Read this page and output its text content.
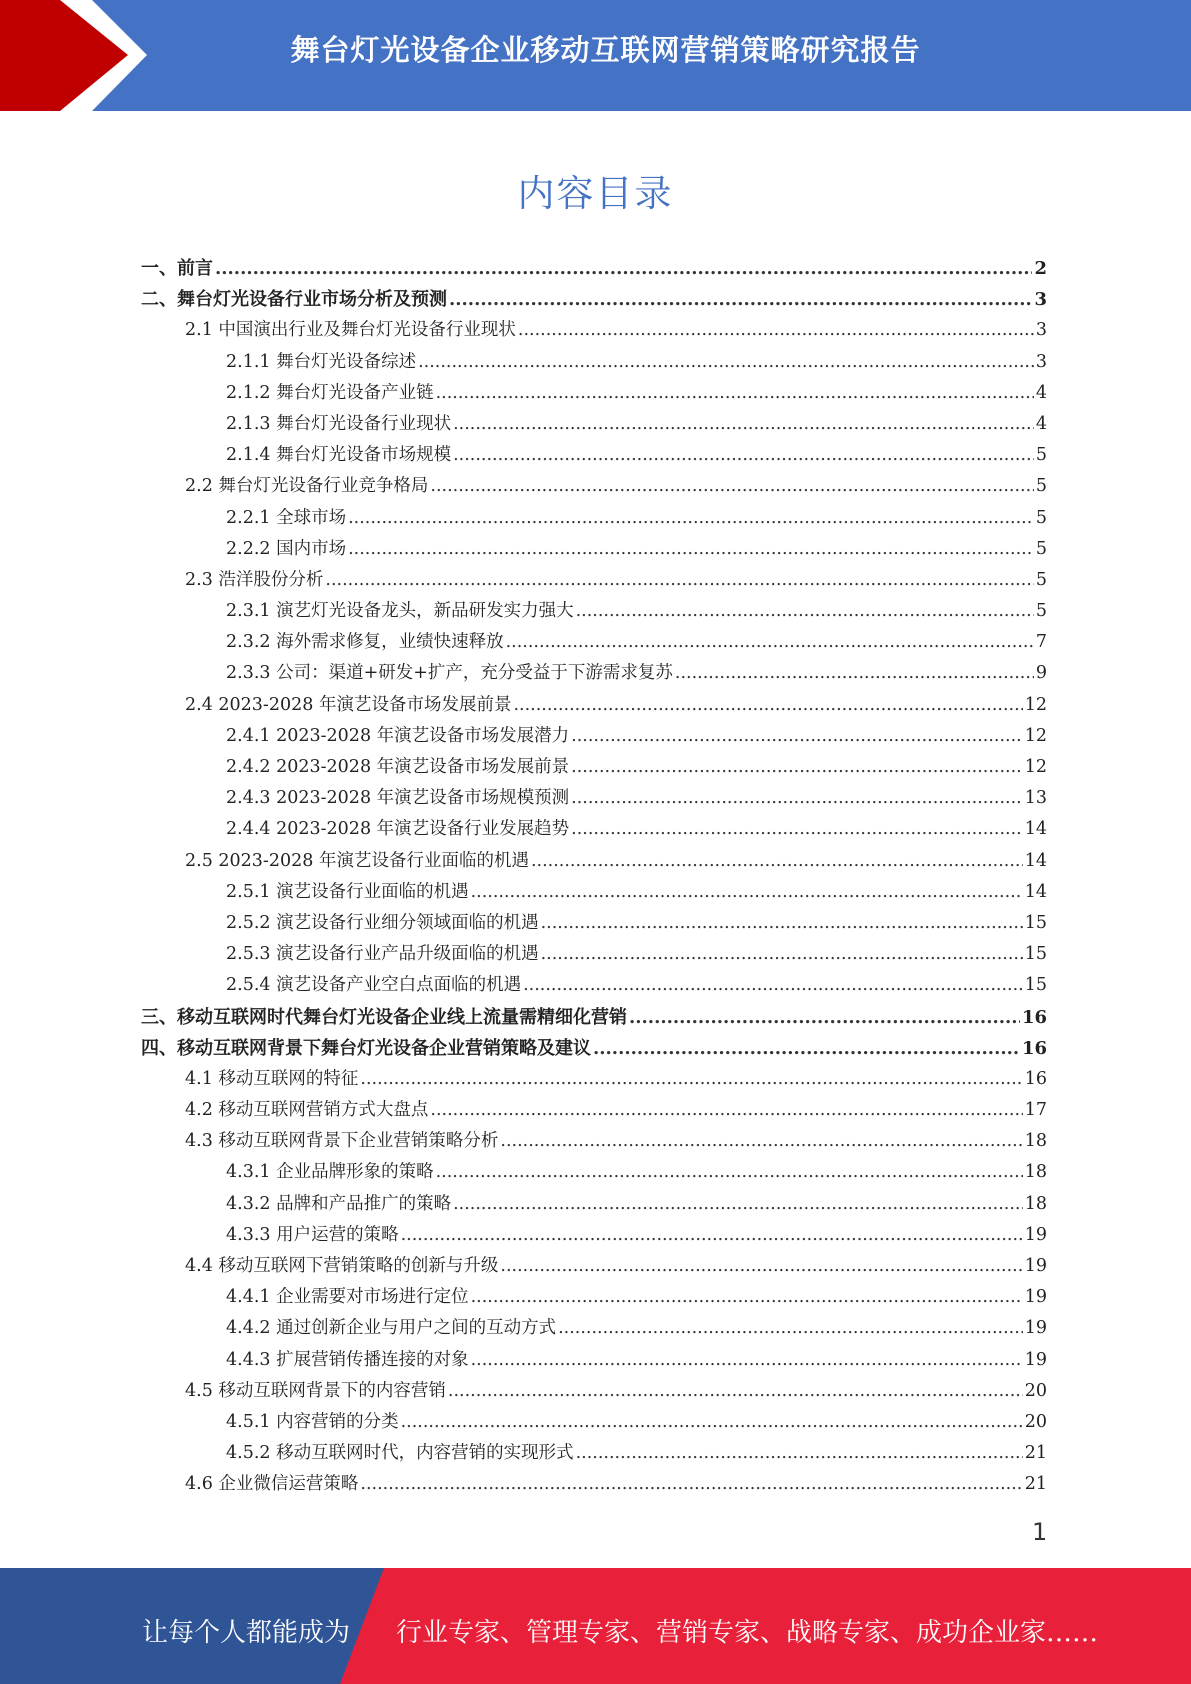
舞台灯光设备企业移动互联网营销策略研究报告
内容目录
一、前言 .....	2
二、舞台灯光设备行业市场分析及预测 .....	3
2.1 中国演出行业及舞台灯光设备行业现状 .....	3
2.1.1 舞台灯光设备综述 .....	3
2.1.2 舞台灯光设备产业链 .....	4
2.1.3 舞台灯光设备行业现状 .....	4
2.1.4 舞台灯光设备市场规模 .....	5
2.2 舞台灯光设备行业竞争格局 .....	5
2.2.1 全球市场 .....	5
2.2.2 国内市场 .....	5
2.3 浩洋股份分析 .....	5
2.3.1 演艺灯光设备龙头，新品研发实力强大 .....	5
2.3.2 海外需求修复，业绩快速释放 .....	7
2.3.3 公司：渠道+研发+扩产，充分受益于下游需求复苏 .....	9
2.4 2023-2028 年演艺设备市场发展前景 .....	12
2.4.1 2023-2028 年演艺设备市场发展潜力 .....	12
2.4.2 2023-2028 年演艺设备市场发展前景 .....	12
2.4.3 2023-2028 年演艺设备市场规模预测 .....	13
2.4.4 2023-2028 年演艺设备行业发展趋势 .....	14
2.5 2023-2028 年演艺设备行业面临的机遇 .....	14
2.5.1 演艺设备行业面临的机遇 .....	14
2.5.2 演艺设备行业细分领域面临的机遇 .....	15
2.5.3 演艺设备行业产品升级面临的机遇 .....	15
2.5.4 演艺设备产业空白点面临的机遇 .....	15
三、移动互联网时代舞台灯光设备企业线上流量需精细化营销 .....	16
四、移动互联网背景下舞台灯光设备企业营销策略及建议 .....	16
4.1 移动互联网的特征 .....	16
4.2 移动互联网营销方式大盘点 .....	17
4.3 移动互联网背景下企业营销策略分析 .....	18
4.3.1 企业品牌形象的策略 .....	18
4.3.2 品牌和产品推广的策略 .....	18
4.3.3 用户运营的策略 .....	19
4.4 移动互联网下营销策略的创新与升级 .....	19
4.4.1 企业需要对市场进行定位 .....	19
4.4.2 通过创新企业与用户之间的互动方式 .....	19
4.4.3 扩展营销传播连接的对象 .....	19
4.5 移动互联网背景下的内容营销 .....	20
4.5.1 内容营销的分类 .....	20
4.5.2 移动互联网时代，内容营销的实现形式 .....	21
4.6 企业微信运营策略 .....	21
1
让每个人都能成为 行业专家、管理专家、营销专家、战略专家、成功企业家……
